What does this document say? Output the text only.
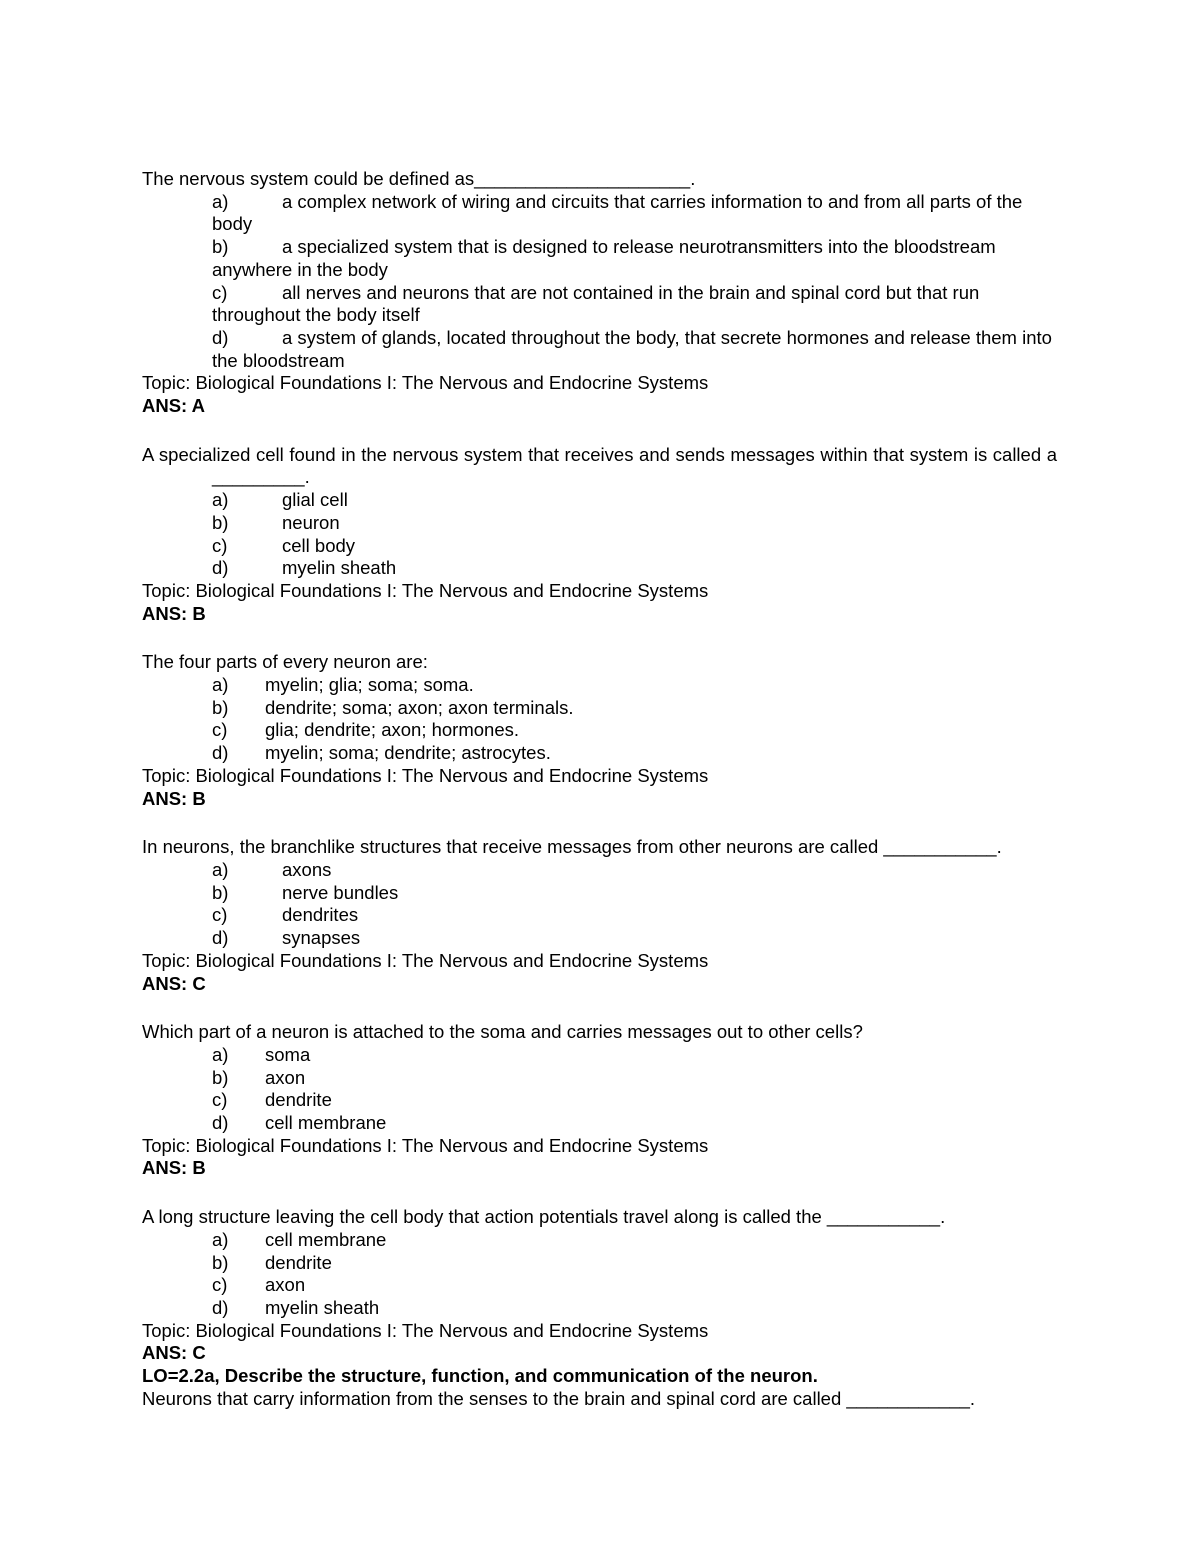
The nervous system could be defined as_____________________.

a)	a complex network of wiring and circuits that carries information to and from all parts of the body
b)	a specialized system that is designed to release neurotransmitters into the bloodstream anywhere in the body
c)	all nerves and neurons that are not contained in the brain and spinal cord but that run throughout the body itself
d)	a system of glands, located throughout the body, that secrete hormones and release them into the bloodstream

Topic: Biological Foundations I: The Nervous and Endocrine Systems

ANS: A

A specialized cell found in the nervous system that receives and sends messages within that system is called a _________.

a)	glial cell
b)	neuron
c)	cell body
d)	myelin sheath

Topic: Biological Foundations I: The Nervous and Endocrine Systems

ANS: B

The four parts of every neuron are:

a)	myelin; glia; soma; soma.
b)	dendrite; soma; axon; axon terminals.
c)	glia; dendrite; axon; hormones.
d)	myelin; soma; dendrite; astrocytes.

Topic: Biological Foundations I: The Nervous and Endocrine Systems

ANS: B

In neurons, the branchlike structures that receive messages from other neurons are called ___________.

a)	axons
b)	nerve bundles
c)	dendrites
d)	synapses

Topic: Biological Foundations I: The Nervous and Endocrine Systems

ANS: C

Which part of a neuron is attached to the soma and carries messages out to other cells?

a)	soma
b)	axon
c)	dendrite
d)	cell membrane

Topic: Biological Foundations I: The Nervous and Endocrine Systems

ANS: B

A long structure leaving the cell body that action potentials travel along is called the ___________.

a)	cell membrane
b)	dendrite
c)	axon
d)	myelin sheath

Topic: Biological Foundations I: The Nervous and Endocrine Systems

ANS: C

LO=2.2a, Describe the structure, function, and communication of the neuron.

Neurons that carry information from the senses to the brain and spinal cord are called ____________.
